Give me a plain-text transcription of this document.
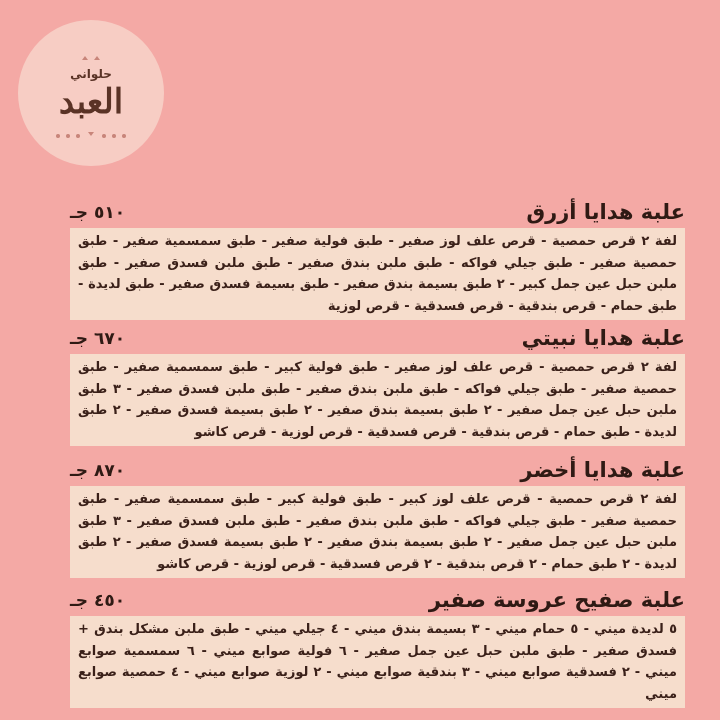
حلواني
العبد
٥١٠ جـ	علبة هدايا أزرق
لفة ٢ قرص حمصية - قرص علف لوز صفير - طبق فولية صفير - طبق سمسمية صفير - طبق حمصية صفير - طبق جيلي فواكه - طبق ملبن بندق صفير - طبق ملبن فسدق صفير - طبق ملبن حبل عين جمل كبير - ٢ طبق بسيمة بندق صفير - طبق بسيمة فسدق صفير - طبق لديدة - طبق حمام - قرص بندقية - قرص فسدقية - قرص لوزية
٦٧٠ جـ	علبة هدايا نبيتي
لفة ٢ قرص حمصية - قرص علف لوز صفير - طبق فولية كبير - طبق سمسمية صفير - طبق حمصية صفير - طبق جيلي فواكه - طبق ملبن بندق صفير - طبق ملبن فسدق صفير - ٣ طبق ملبن حبل عين جمل صفير - ٢ طبق بسيمة بندق صفير - ٢ طبق بسيمة فسدق صفير - ٢ طبق لديدة - طبق حمام - قرص بندقية - قرص فسدقية - قرص لوزية - قرص كاشو
٨٧٠ جـ	علبة هدايا أخضر
لفة ٢ قرص حمصية - قرص علف لوز كبير - طبق فولية كبير - طبق سمسمية صفير - طبق حمصية صفير - طبق جيلي فواكه - طبق ملبن بندق صفير - طبق ملبن فسدق صفير - ٣ طبق ملبن حبل عين جمل صفير - ٢ طبق بسيمة بندق صفير - ٢ طبق بسيمة فسدق صفير - ٢ طبق لديدة - ٢ طبق حمام - ٢ قرص بندقية - ٢ قرص فسدقية - قرص لوزية - قرص كاشو
٤٥٠ جـ	علبة صفيح عروسة صفير
٥ لديدة ميني - ٥ حمام ميني - ٣ بسيمة بندق ميني - ٤ جيلي ميني - طبق ملبن مشكل بندق + فسدق صفير - طبق ملبن حبل عين جمل صفير - ٦ فولية صوابع ميني - ٦ سمسمية صوابع ميني - ٢ فسدقية صوابع ميني - ٣ بندقية صوابع ميني - ٢ لوزية صوابع ميني - ٤ حمصية صوابع ميني
